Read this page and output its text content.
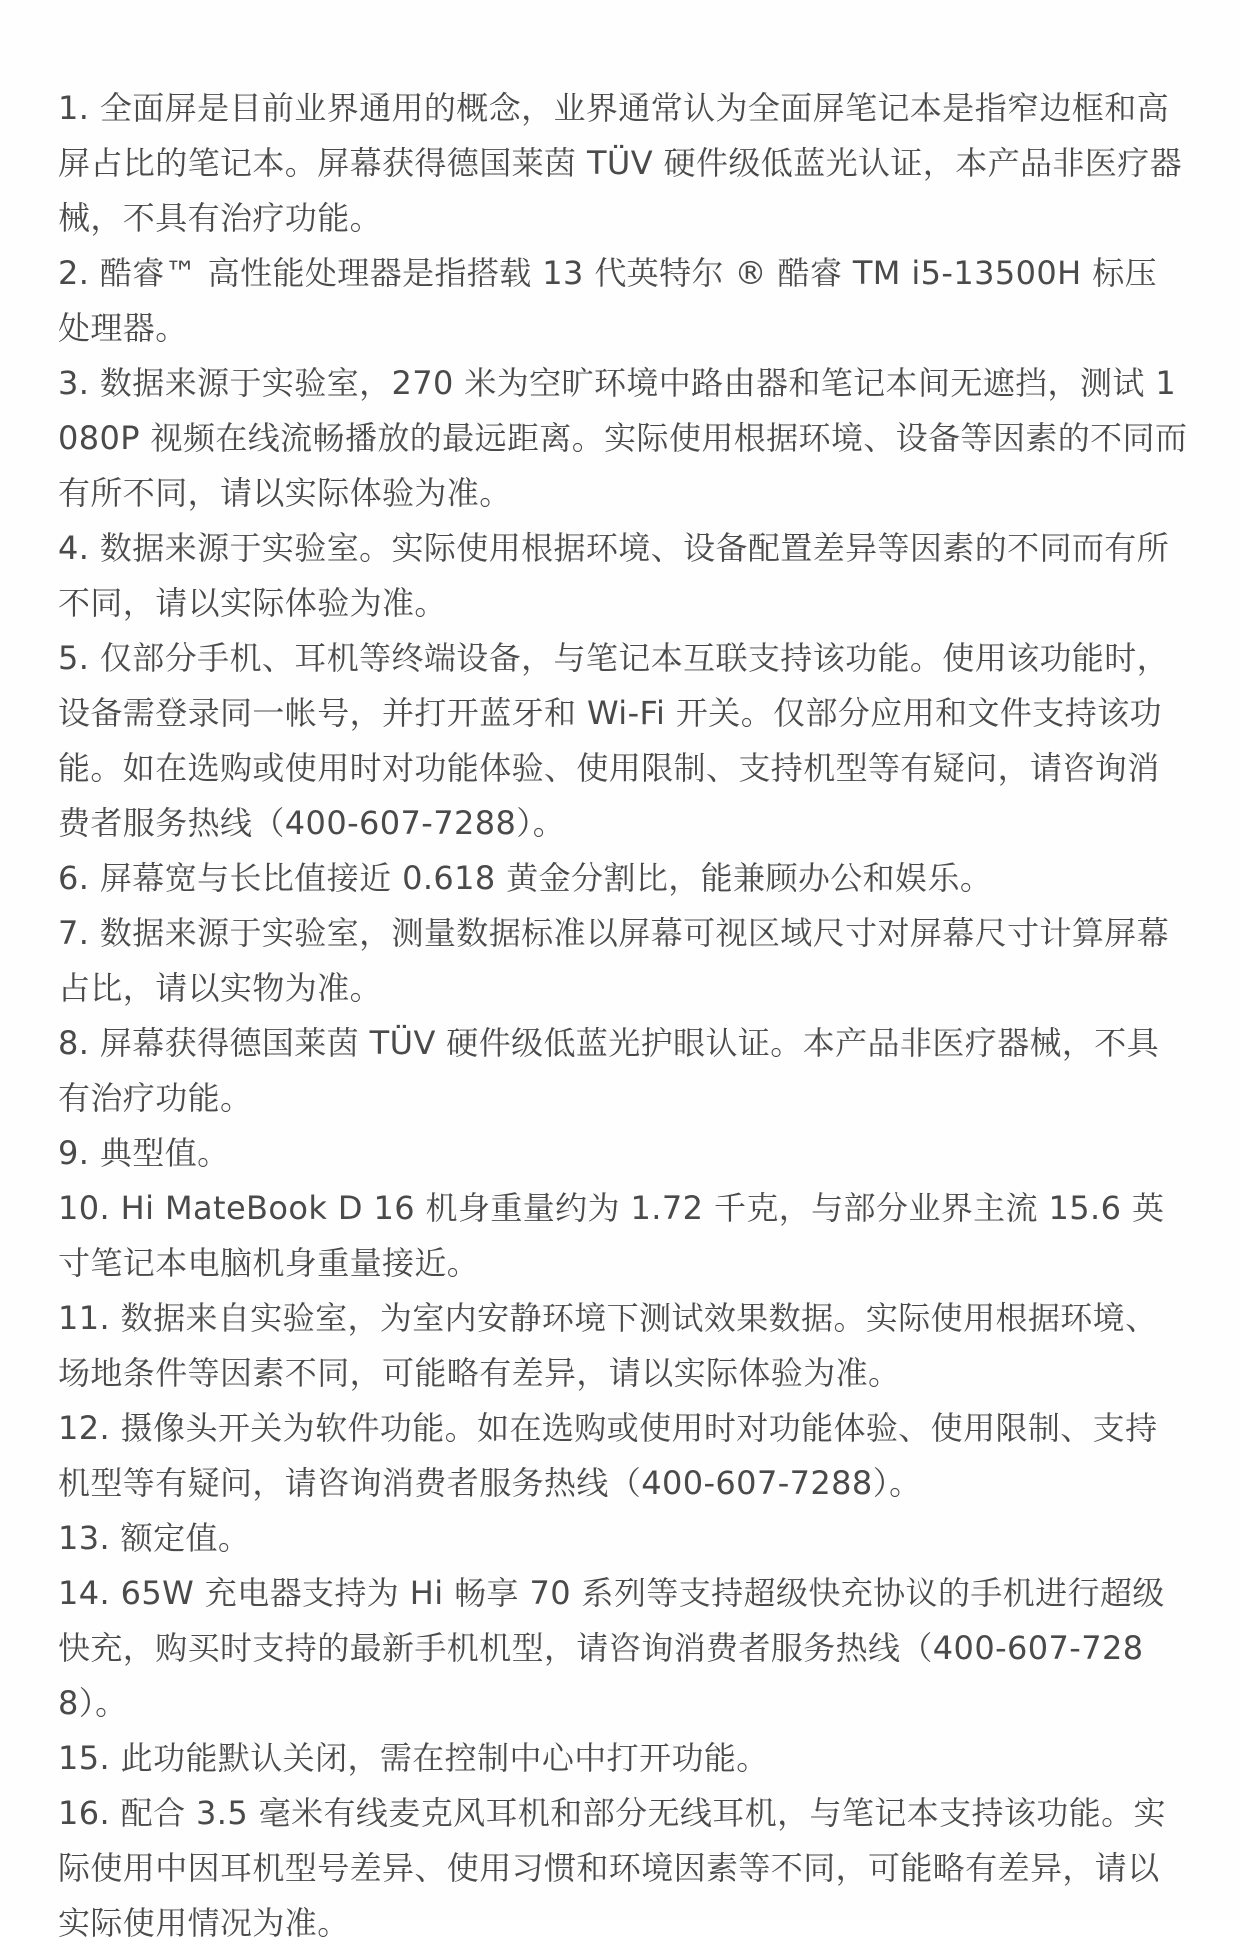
1. 全面屏是目前业界通用的概念，业界通常认为全面屏笔记本是指窄边框和高屏占比的笔记本。屏幕获得德国莱茵 TÜV 硬件级低蓝光认证，本产品非医疗器械，不具有治疗功能。
2. 酷睿™ 高性能处理器是指搭载 13 代英特尔 ® 酷睿 TM i5-13500H 标压处理器。
3. 数据来源于实验室，270 米为空旷环境中路由器和笔记本间无遮挡，测试 1080P 视频在线流畅播放的最远距离。实际使用根据环境、设备等因素的不同而有所不同，请以实际体验为准。
4. 数据来源于实验室。实际使用根据环境、设备配置差异等因素的不同而有所不同，请以实际体验为准。
5. 仅部分手机、耳机等终端设备，与笔记本互联支持该功能。使用该功能时，设备需登录同一帐号，并打开蓝牙和 Wi-Fi 开关。仅部分应用和文件支持该功能。如在选购或使用时对功能体验、使用限制、支持机型等有疑问，请咨询消费者服务热线（400-607-7288）。
6. 屏幕宽与长比值接近 0.618 黄金分割比，能兼顾办公和娱乐。
7. 数据来源于实验室，测量数据标准以屏幕可视区域尺寸对屏幕尺寸计算屏幕占比，请以实物为准。
8. 屏幕获得德国莱茵 TÜV 硬件级低蓝光护眼认证。本产品非医疗器械，不具有治疗功能。
9. 典型值。
10. Hi MateBook D 16 机身重量约为 1.72 千克，与部分业界主流 15.6 英寸笔记本电脑机身重量接近。
11. 数据来自实验室，为室内安静环境下测试效果数据。实际使用根据环境、场地条件等因素不同，可能略有差异，请以实际体验为准。
12. 摄像头开关为软件功能。如在选购或使用时对功能体验、使用限制、支持机型等有疑问，请咨询消费者服务热线（400-607-7288）。
13. 额定值。
14. 65W 充电器支持为 Hi 畅享 70 系列等支持超级快充协议的手机进行超级快充，购买时支持的最新手机机型，请咨询消费者服务热线（400-607-7288）。
15. 此功能默认关闭，需在控制中心中打开功能。
16. 配合 3.5 毫米有线麦克风耳机和部分无线耳机，与笔记本支持该功能。实际使用中因耳机型号差异、使用习惯和环境因素等不同，可能略有差异，请以实际使用情况为准。
